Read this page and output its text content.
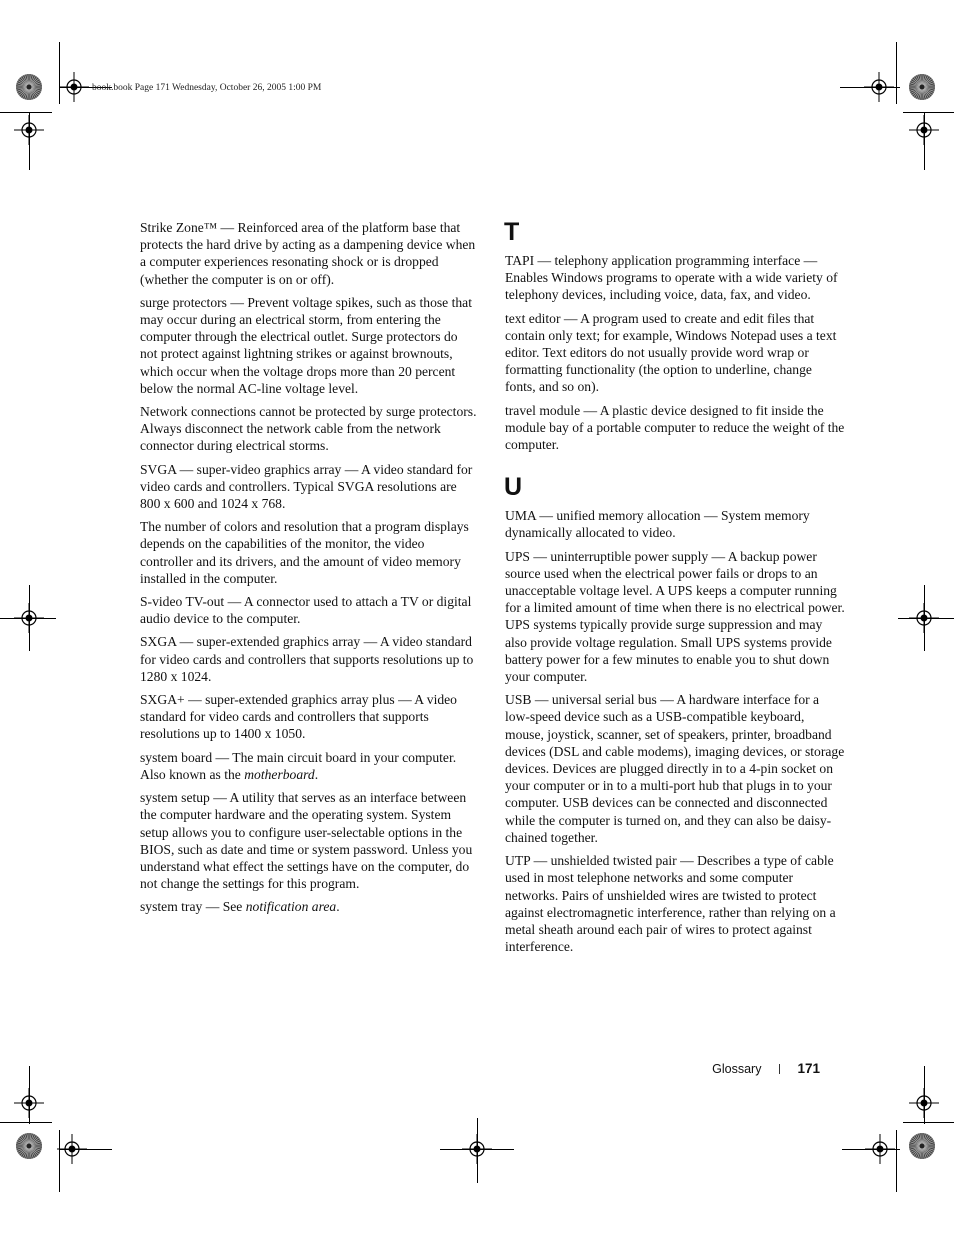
book.book Page 171 Wednesday, October 26, 2005 1:00 PM

Strike Zone™ — Reinforced area of the platform base that protects the hard drive by acting as a dampening device when a computer experiences resonating shock or is dropped (whether the computer is on or off).

surge protectors — Prevent voltage spikes, such as those that may occur during an electrical storm, from entering the computer through the electrical outlet. Surge protectors do not protect against lightning strikes or against brownouts, which occur when the voltage drops more than 20 percent below the normal AC-line voltage level.

Network connections cannot be protected by surge protectors. Always disconnect the network cable from the network connector during electrical storms.

SVGA — super-video graphics array — A video standard for video cards and controllers. Typical SVGA resolutions are 800 x 600 and 1024 x 768.

The number of colors and resolution that a program displays depends on the capabilities of the monitor, the video controller and its drivers, and the amount of video memory installed in the computer.

S-video TV-out — A connector used to attach a TV or digital audio device to the computer.

SXGA — super-extended graphics array — A video standard for video cards and controllers that supports resolutions up to 1280 x 1024.

SXGA+ — super-extended graphics array plus — A video standard for video cards and controllers that supports resolutions up to 1400 x 1050.

system board — The main circuit board in your computer. Also known as the motherboard.

system setup — A utility that serves as an interface between the computer hardware and the operating system. System setup allows you to configure user-selectable options in the BIOS, such as date and time or system password. Unless you understand what effect the settings have on the computer, do not change the settings for this program.

system tray — See notification area.

T

TAPI — telephony application programming interface — Enables Windows programs to operate with a wide variety of telephony devices, including voice, data, fax, and video.

text editor — A program used to create and edit files that contain only text; for example, Windows Notepad uses a text editor. Text editors do not usually provide word wrap or formatting functionality (the option to underline, change fonts, and so on).

travel module — A plastic device designed to fit inside the module bay of a portable computer to reduce the weight of the computer.

U

UMA — unified memory allocation — System memory dynamically allocated to video.

UPS — uninterruptible power supply — A backup power source used when the electrical power fails or drops to an unacceptable voltage level. A UPS keeps a computer running for a limited amount of time when there is no electrical power. UPS systems typically provide surge suppression and may also provide voltage regulation. Small UPS systems provide battery power for a few minutes to enable you to shut down your computer.

USB — universal serial bus — A hardware interface for a low-speed device such as a USB-compatible keyboard, mouse, joystick, scanner, set of speakers, printer, broadband devices (DSL and cable modems), imaging devices, or storage devices. Devices are plugged directly in to a 4-pin socket on your computer or in to a multi-port hub that plugs in to your computer. USB devices can be connected and disconnected while the computer is turned on, and they can also be daisy-chained together.

UTP — unshielded twisted pair — Describes a type of cable used in most telephone networks and some computer networks. Pairs of unshielded wires are twisted to protect against electromagnetic interference, rather than relying on a metal sheath around each pair of wires to protect against interference.

Glossary	171
